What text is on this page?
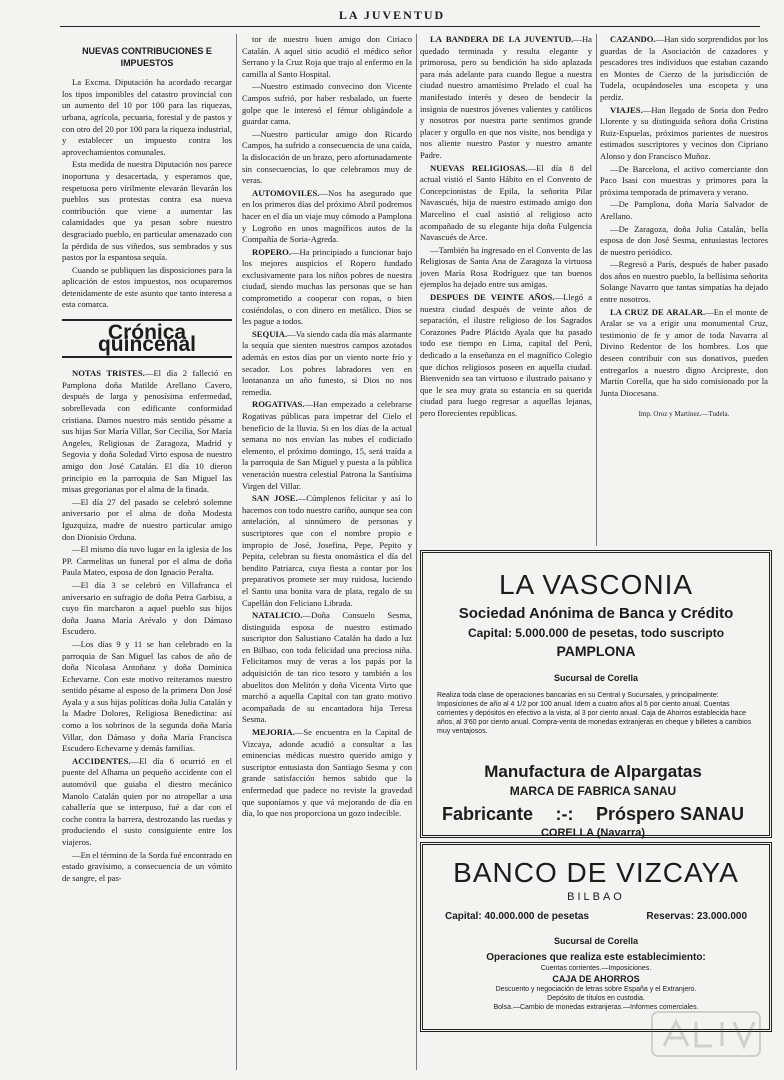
LA JUVENTUD
NUEVAS CONTRIBUCIONES E IMPUESTOS

La Excma. Diputación ha acordado recargar los tipos imponibles del catastro provincial con un aumento del 10 por 100 para las riquezas, urbana, agrícola, pecuaria, forestal y de pastos y con otro del 20 por 100 para la riqueza industrial, y establecer un impuesto contra los aprovechamientos comunales.

Esta medida de nuestra Diputación nos parece inoportuna y desacertada, y esperamos que, respetuosa pero virilmente elevarán llevarán los pueblos sus protestas contra esa nueva contribución que viene a aumentar las calamidades que ya pesan sobre nuestro desgraciado pueblo, en particular amenazado con la pérdida de sus viñedos, sus sembrados y sus pastos por la espantosa sequía.

Cuando se publiquen las disposiciones para la aplicación de estos impuestos, nos ocuparemos detenidamente de este asunto que tanto interesa a esta comarca.

Crónica quincenal

NOTAS TRISTES.—El día 2 falleció en Pamplona doña Matilde Arellano Cavero, después de larga y penosísima enfermedad, sobrellevada con edificante conformidad cristiana. Damos nuestro más sentido pésame a sus hijas Sor María Villar, Sor Cecilia, Sor María Angeles, Religiosas de Zaragoza, Madrid y Segovia y doña Soledad Virto esposa de nuestro amigo don José Catalán. El día 10 dieron principio en la parroquia de San Miguel las misas gregorianas por el alma de la finada.

—El día 27 del pasado se celebró solemne aniversario por el alma de doña Modesta Iguzquiza, madre de nuestro particular amigo don Dionisio Orduna.

—El mismo día tuvo lugar en la iglesia de los PP. Carmelitas un funeral por el alma de doña Paula Mateo, esposa de don Ignacio Peralta.

—El día 3 se celebró en Villafranca el aniversario en sufragio de doña Petra Garbisu, a cuyo fin marcharon a aquel pueblo sus hijos doña Juana María Arévalo y don Dámaso Escudero.

—Los días 9 y 11 se han celebrado en la parroquia de San Miguel las cabos de año de doña Nicolasa Antoñanz y doña Dominica Echevarne. Con este motivo reiteramos nuestro sentido pésame al esposo de la primera Don José Ayala y a sus hijas políticas doña Julia Catalán y la Madre Dolores, Religiosa Benedictina: así como a los sobrinos de la segunda doña María Villar, don Dámaso y doña María Francisca Escudero Echevarne y demás familias.

ACCIDENTES.—El día 6 ocurrió en el puente del Alhama un pequeño accidente con el automóvil que guiaba el diestro mecánico Manolo Catalán quien por no atropellar a una caballería que se interpuso, fué a dar con el coche contra la barrera, destrozando las ruedas y produciendo el susto consiguiente entre los viajeros.

—En el término de la Sorda fué encontrado en estado gravísimo, a consecuencia de un vómito de sangre, el pas-

tor de nuestro buen amigo don Ciriaco Catalán. A aquel sitio acudió el médico señor Serrano y la Cruz Roja que trajo al enfermo en la camilla al Santo Hospital.

—Nuestro estimado convecino don Vicente Campos sufrió, por haber resbalado, un fuerte golpe que le interesó el fémur obligándole a guardar cama.

—Nuestro particular amigo don Ricardo Campos, ha sufrido a consecuencia de una caída, la dislocación de un brazo, pero afortunadamente sin consecuencias, lo que celebramos muy de veras.

AUTOMOVILES.—Nos ha asegurado que en los primeros días del próximo Abril podremos hacer en el día un viaje muy cómodo a Pamplona y Logroño en unos magníficos autos de la Compañía de Soria-Agreda.

ROPERO.—Ha principiado a funcionar bajo los mejores auspicios el Ropero fundado exclusivamente para los niños pobres de nuestra ciudad, siendo muchas las personas que se han comprometido a cooperar con ropas, o bien cosiéndolas, o con dinero en metálico. Dios se les pague a todos.

SEQUIA.—Va siendo cada día más alarmante la sequía que sienten nuestros campos azotados además en estos días por un viento norte frío y secador. Los pobres labradores ven en lontananza un año funesto, si Dios no nos remedia.

ROGATIVAS.—Han empezado a celebrarse Rogativas públicas para impetrar del Cielo el beneficio de la lluvia. Si en los días de la actual semana no nos envían las nubes el codiciado elemento, el próximo domingo, 15, será traída a la parroquia de San Miguel y puesta a la pública veneración nuestra celestial Patrona la Santísima Virgen del Villar.

SAN JOSE.—Cúmplenos felicitar y así lo hacemos con todo nuestro cariño, aunque sea con antelación, al sinnúmero de personas y suscriptores que con el nombre propio e impropio de José, Josefina, Pepe, Pepito y Pepita, celebran su fiesta onomástica el día del bendito Patriarca, cuya fiesta a contar por los preparativos promete ser muy ruidosa, luciendo el Santo una bonita vara de plata, regalo de su Capellán don Feliciano Librada.

NATALICIO.—Doña Consuelo Sesma, distinguida esposa de nuestro estimado suscriptor don Salustiano Catalán ha dado a luz en Bilbao, con toda felicidad una preciosa niña. Felicitamos muy de veras a los papás por la adquisición de tan rico tesoro y también a los abuelitos don Melitón y doña Vicenta Virto que marchó a aquella Capital con tan grato motivo acompañada de su encantadora hija Teresa Sesma.

MEJORIA.—Se encuentra en la Capital de Vizcaya, adonde acudió a consultar a las eminencias médicas nuestro querido amigo y suscriptor entusiasta don Santiago Sesma y con grande satisfacción hemos sabido que la enfermedad que padece no reviste la gravedad que suponíamos y que vá mejorando de día en día, lo que nos proporciona un gozo indecible.

LA BANDERA DE LA JUVENTUD.—Ha quedado terminada y resulta elegante y primorosa, pero su bendición ha sido aplazada para más adelante para cuando llegue a nuestra ciudad nuestro amantísimo Prelado el cual ha manifestado interés y deseo de bendecir la insignia de nuestros jóvenes valientes y católicos y nosotros por nuestra parte sentimos grande placer y orgullo en que nos visite, nos bendiga y nos aliente nuestro Pastor y nuestro amante Padre.

NUEVAS RELIGIOSAS.—El día 8 del actual vistió el Santo Hábito en el Convento de Concepcionistas de Epila, la señorita Pilar Navascués, hija de nuestro estimado amigo don Marcelino el cual asistió al religioso acto acompañado de su elegante hija doña Fulgencia Navascués de Arce.

—También ha ingresado en el Convento de las Religiosas de Santa Ana de Zaragoza la virtuosa joven María Rosa Rodríguez que tan buenos ejemplos ha dejado entre sus amigas.

DESPUES DE VEINTE AÑOS.—Llegó a nuestra ciudad después de veinte años de separación, el ilustre religioso de los Sagrados Corazones Padre Plácido Ayala que ha pasado todo ese tiempo en Lima, capital del Perú, dedicado a la enseñanza en el magnífico Colegio que dichos religiosos poseen en aquella ciudad. Bienvenido sea tan virtuoso e ilustrado paisano y que le sea muy grata su estancia en su querida ciudad para luego regresar a aquellas lejanas, pero florecientes repúblicas.

CAZANDO.—Han sido sorprendidos por los guardas de la Asociación de cazadores y pescadores tres individuos que estaban cazando en Montes de Cierzo de la jurisdicción de Tudela, ocupándoseles una escopeta y una perdiz.

VIAJES.—Han llegado de Soria don Pedro Llorente y su distinguida señora doña Cristina Ruiz-Espuelas, próximos parientes de nuestros estimados suscriptores y vecinos don Cipriano Alonso y don Francisco Muñoz.

—De Barcelona, el activo comerciante don Paco Isasi con muestras y primores para la próxima temporada de primavera y verano.

—De Pamplona, doña María Salvador de Arellano.

—De Zaragoza, doña Julia Catalán, bella esposa de don José Sesma, entusiastas lectores de nuestro periódico.

—Regresó a París, después de haber pasado dos años en nuestro pueblo, la bellísima señorita Solange Navarro que tantas simpatías ha dejado entre nosotros.

LA CRUZ DE ARALAR.—En el monte de Aralar se va a erigir una monumental Cruz, testimonio de fe y amor de toda Navarra al Divino Redentor de los hombres. Los que deseen contribuir con sus donativos, pueden entregarlos a nuestro digno Arcipreste, don Martín Corella, que ha sido comisionado por la Junta Diocesana.

Imp. Oroz y Martínez.—Tudela.
LA VASCONIA
Sociedad Anónima de Banca y Crédito
Capital: 5.000.000 de pesetas, todo suscripto
PAMPLONA
Sucursal de Corella
Realiza toda clase de operaciones bancarias en su Central y Sucursales, y principalmente: Imposiciones de año al 4 1/2 por 100 anual. Idem a cuatro años al 5 por ciento anual. Cuentas corrientes y depósitos en efectivo a la vista, al 3 por ciento anual. Caja de Ahorros establecida hace años, al 3'60 por ciento anual. Compra-venta de monedas extranjeras en cheque y billetes a cambios muy ventajosos.
Manufactura de Alpargatas
MARCA DE FABRICA SANAU
Fabricante :-: Próspero SANAU
CORELLA (Navarra)
BANCO DE VIZCAYA
BILBAO
Capital: 40.000.000 de pesetas	Reservas: 23.000.000
Sucursal de Corella
Operaciones que realiza este establecimiento:
Cuentas corrientes.—Imposiciones.
CAJA DE AHORROS
Descuento y negociación de letras sobre España y el Extranjero.
Depósito de títulos en custodia.
Bolsa.—Cambio de monedas extranjeras.—Informes comerciales.
